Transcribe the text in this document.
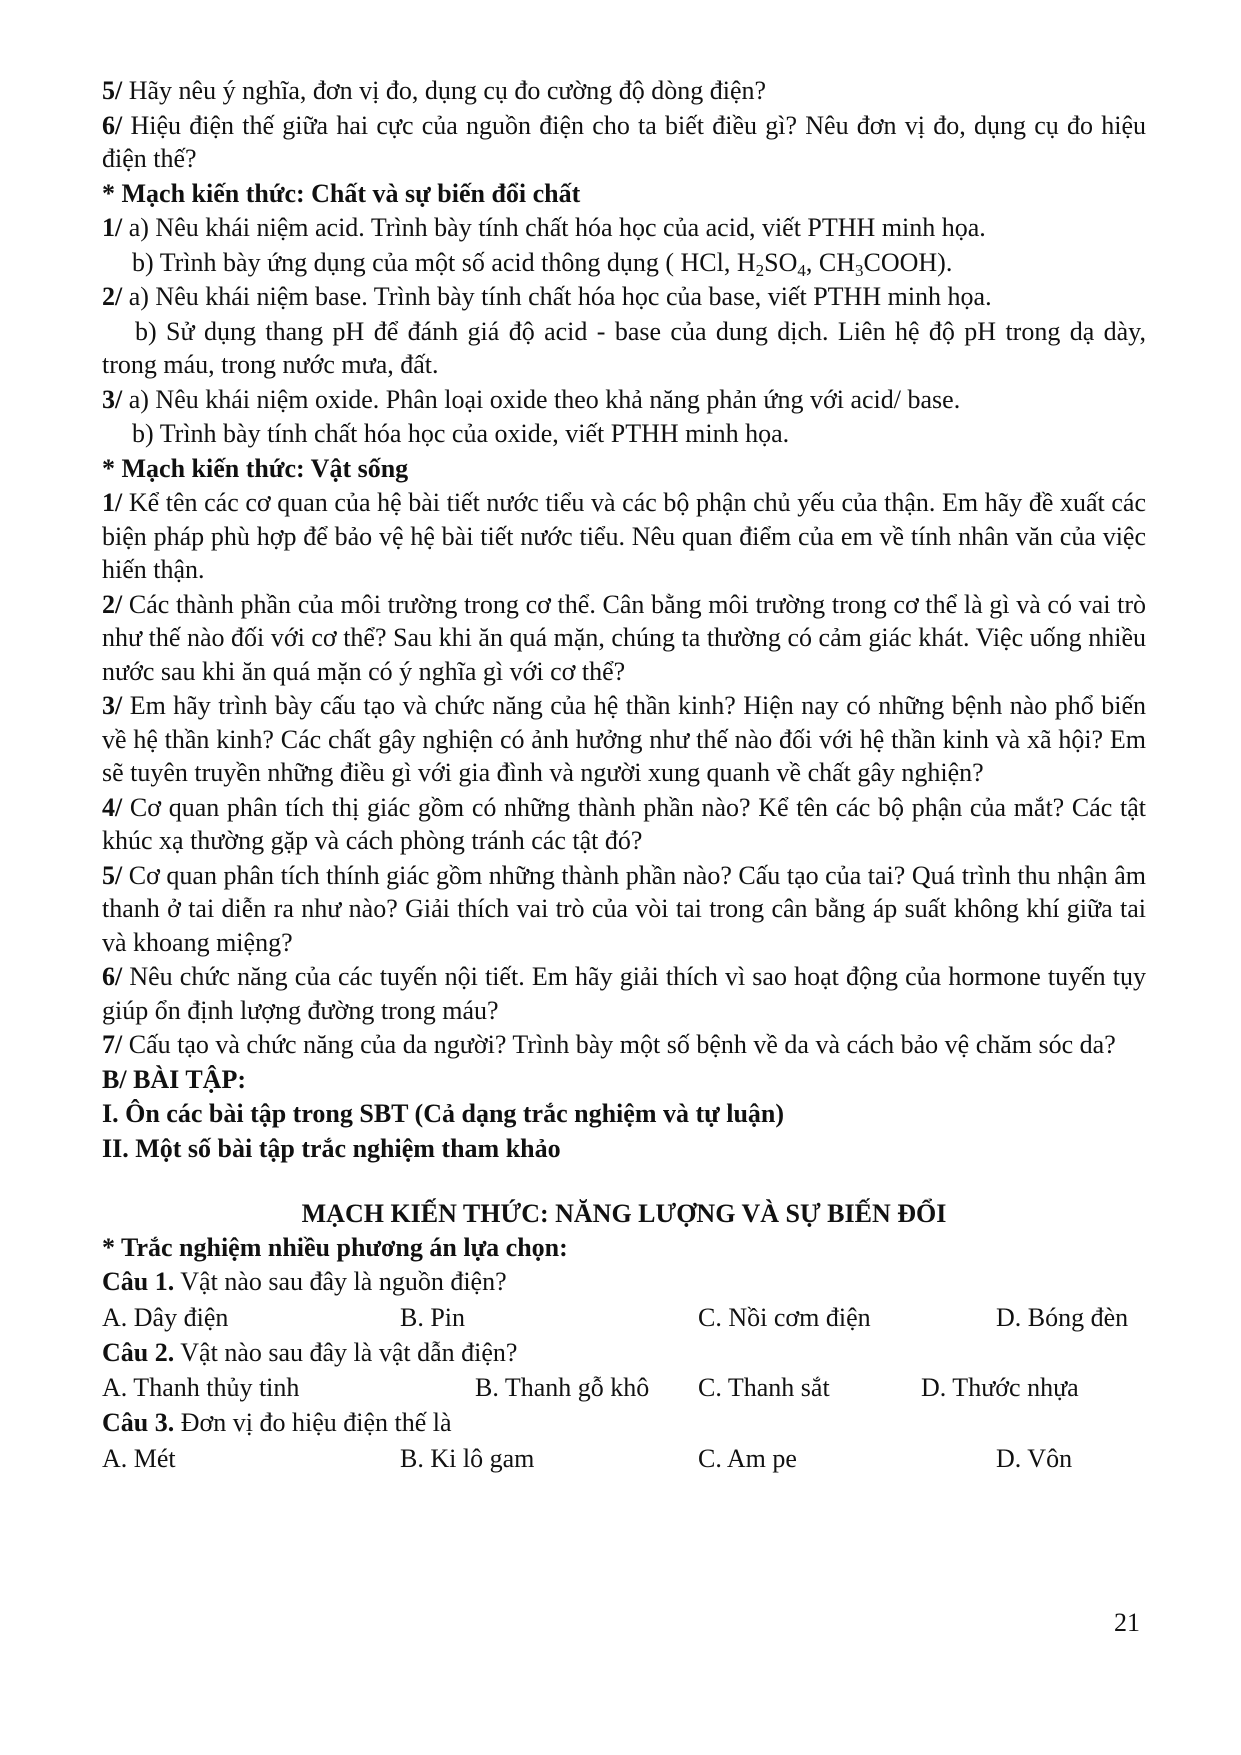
5/ Hãy nêu ý nghĩa, đơn vị đo, dụng cụ đo cường độ dòng điện?

6/ Hiệu điện thế giữa hai cực của nguồn điện cho ta biết điều gì? Nêu đơn vị đo, dụng cụ đo hiệu điện thế?

* Mạch kiến thức: Chất và sự biến đổi chất

1/ a) Nêu khái niệm acid. Trình bày tính chất hóa học của acid, viết PTHH minh họa.

b) Trình bày ứng dụng của một số acid thông dụng ( HCl, $H_2SO_4$, $CH_3COOH$).

2/ a) Nêu khái niệm base. Trình bày tính chất hóa học của base, viết PTHH minh họa.

b) Sử dụng thang pH để đánh giá độ acid - base của dung dịch. Liên hệ độ pH trong dạ dày, trong máu, trong nước mưa, đất.

3/ a) Nêu khái niệm oxide. Phân loại oxide theo khả năng phản ứng với acid/ base.

b) Trình bày tính chất hóa học của oxide, viết PTHH minh họa.

* Mạch kiến thức: Vật sống

1/ Kể tên các cơ quan của hệ bài tiết nước tiểu và các bộ phận chủ yếu của thận. Em hãy đề xuất các biện pháp phù hợp để bảo vệ hệ bài tiết nước tiểu. Nêu quan điểm của em về tính nhân văn của việc hiến thận.

2/ Các thành phần của môi trường trong cơ thể. Cân bằng môi trường trong cơ thể là gì và có vai trò như thế nào đối với cơ thể? Sau khi ăn quá mặn, chúng ta thường có cảm giác khát. Việc uống nhiều nước sau khi ăn quá mặn có ý nghĩa gì với cơ thể?

3/ Em hãy trình bày cấu tạo và chức năng của hệ thần kinh? Hiện nay có những bệnh nào phổ biến về hệ thần kinh? Các chất gây nghiện có ảnh hưởng như thế nào đối với hệ thần kinh và xã hội? Em sẽ tuyên truyền những điều gì với gia đình và người xung quanh về chất gây nghiện?

4/ Cơ quan phân tích thị giác gồm có những thành phần nào? Kể tên các bộ phận của mắt? Các tật khúc xạ thường gặp và cách phòng tránh các tật đó?

5/ Cơ quan phân tích thính giác gồm những thành phần nào? Cấu tạo của tai? Quá trình thu nhận âm thanh ở tai diễn ra như nào? Giải thích vai trò của vòi tai trong cân bằng áp suất không khí giữa tai và khoang miệng?

6/ Nêu chức năng của các tuyến nội tiết. Em hãy giải thích vì sao hoạt động của hormone tuyến tụy giúp ổn định lượng đường trong máu?

7/ Cấu tạo và chức năng của da người? Trình bày một số bệnh về da và cách bảo vệ chăm sóc da?

B/ BÀI TẬP:

I. Ôn các bài tập trong SBT (Cả dạng trắc nghiệm và tự luận)

II. Một số bài tập trắc nghiệm tham khảo

MẠCH KIẾN THỨC: NĂNG LƯỢNG VÀ SỰ BIẾN ĐỔI

* Trắc nghiệm nhiều phương án lựa chọn:

Câu 1. Vật nào sau đây là nguồn điện?

A. Dây điện	B. Pin	C. Nồi cơm điện	D. Bóng đèn

Câu 2. Vật nào sau đây là vật dẫn điện?

A. Thanh thủy tinh	B. Thanh gỗ khô	C. Thanh sắt	D. Thước nhựa

Câu 3. Đơn vị đo hiệu điện thế là

A. Mét	B. Ki lô gam	C. Am pe	D. Vôn
21
